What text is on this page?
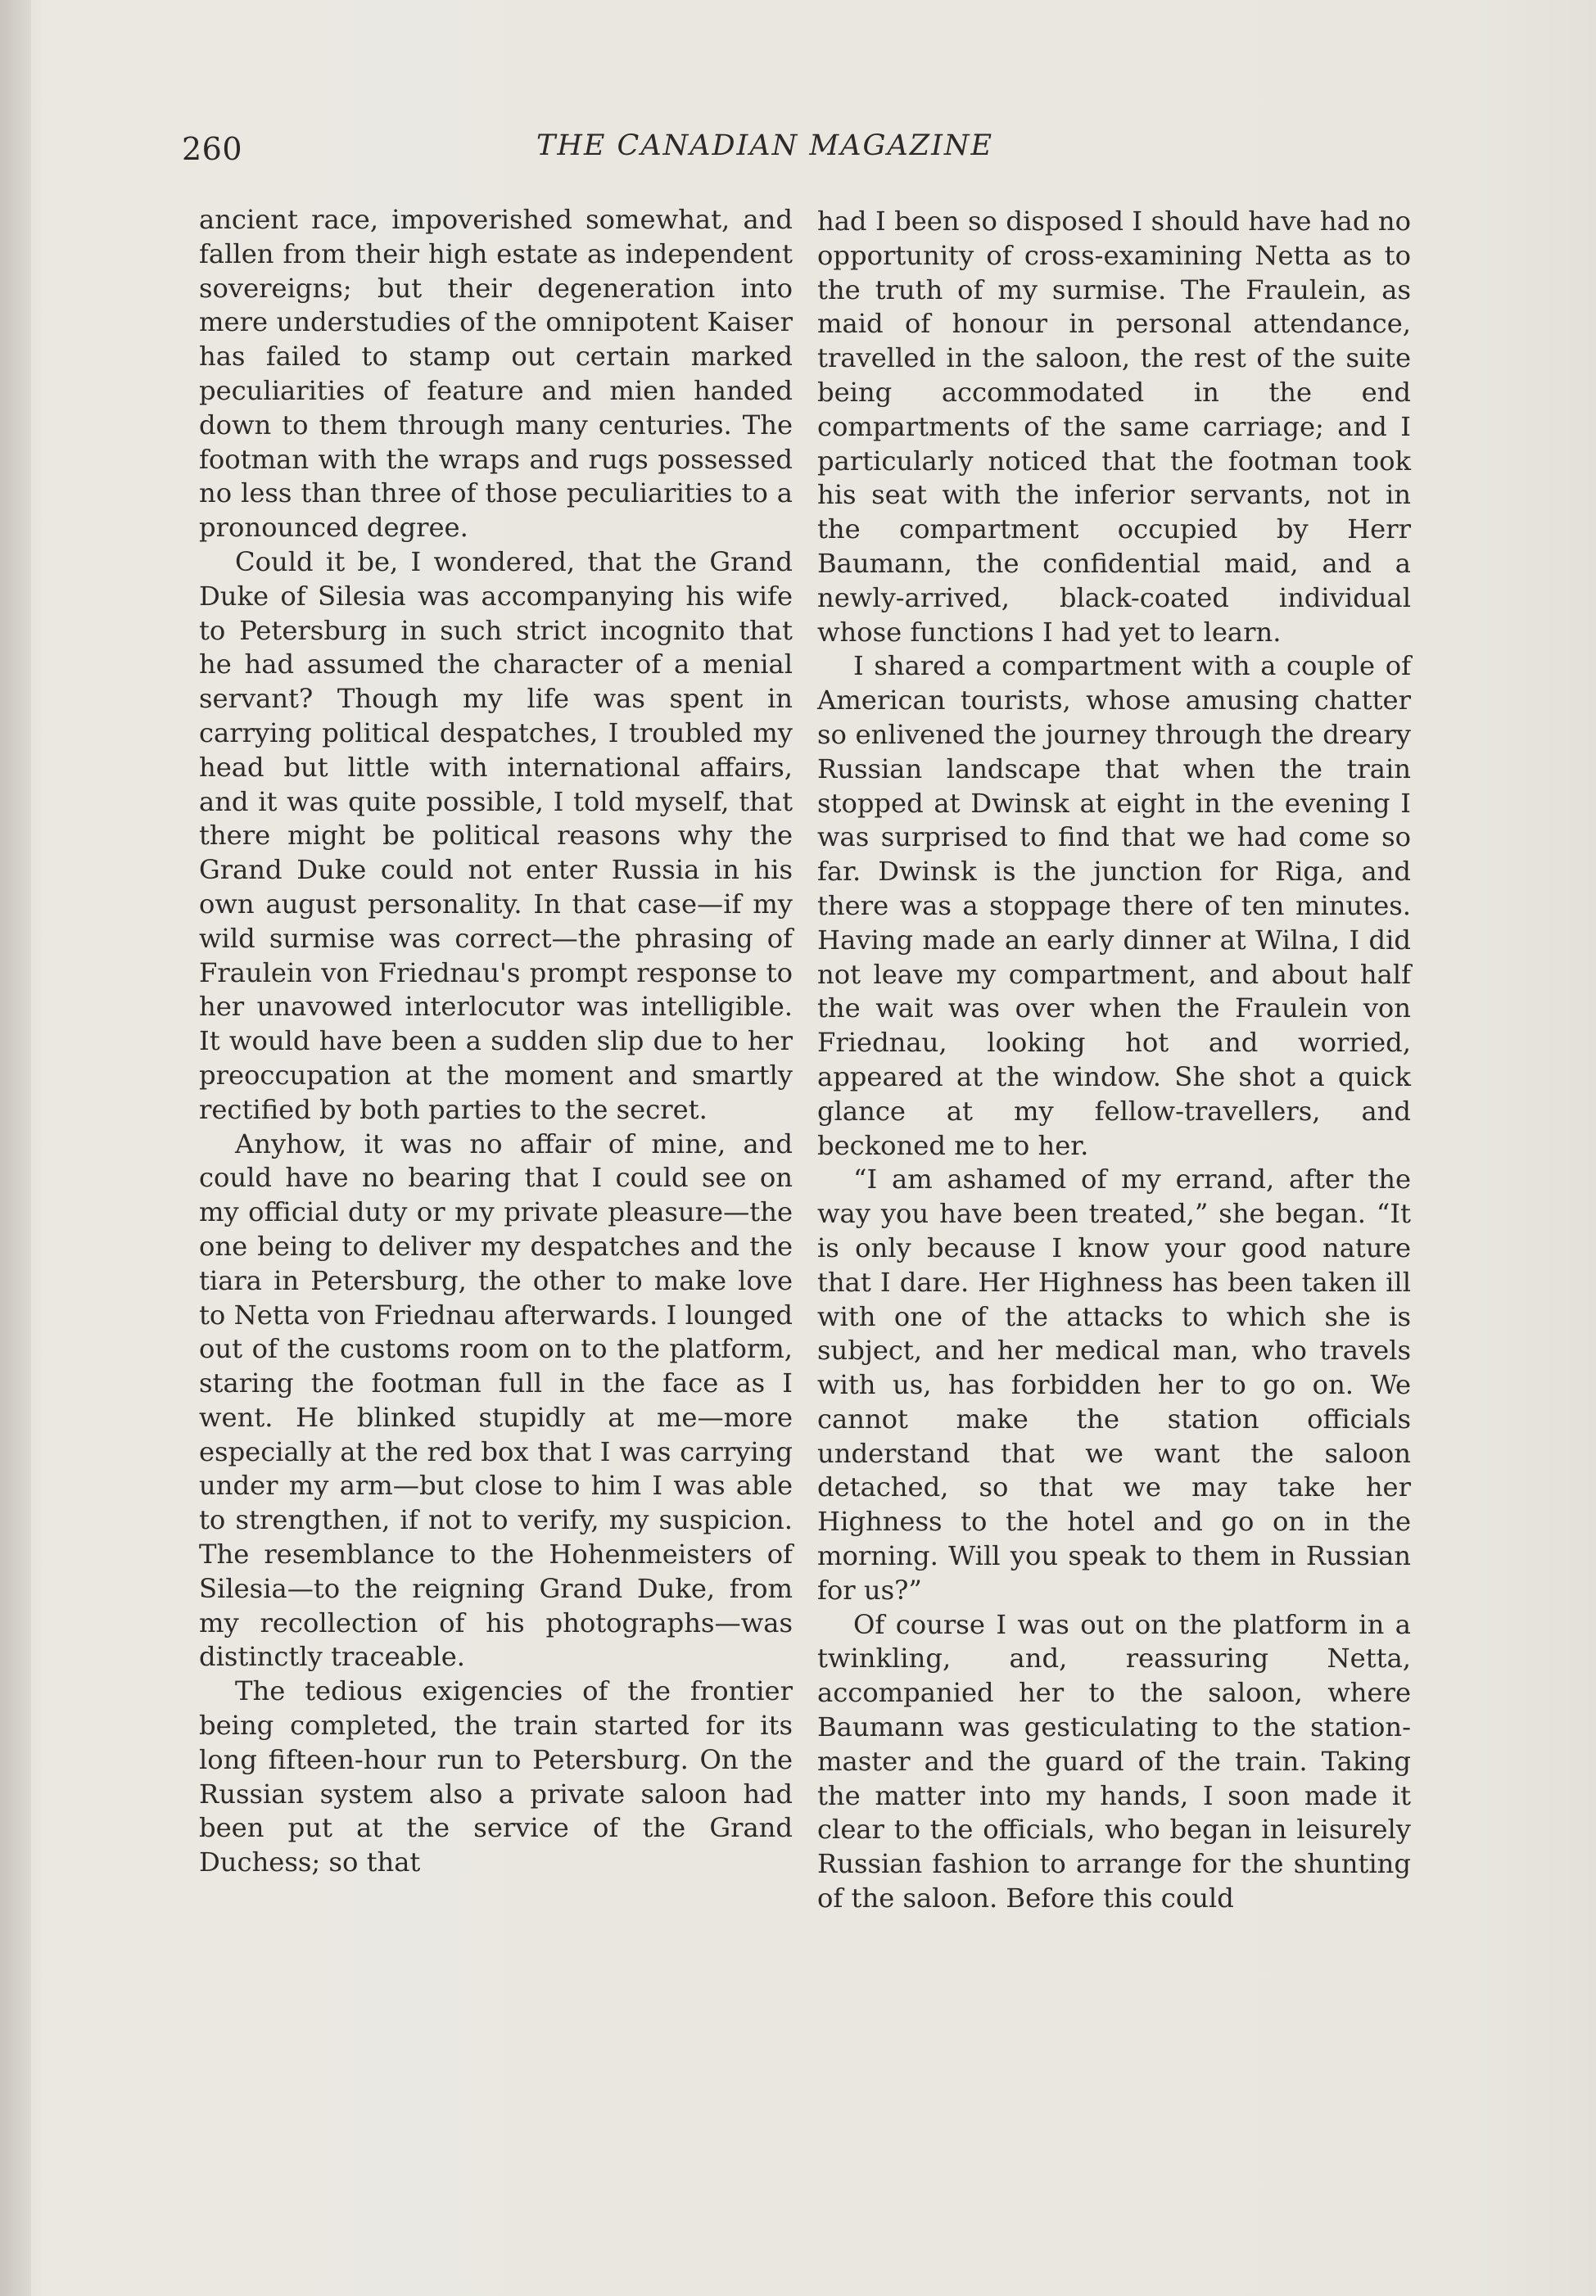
260	THE CANADIAN MAGAZINE

ancient race, impoverished somewhat, and fallen from their high estate as independent sovereigns; but their degeneration into mere understudies of the omnipotent Kaiser has failed to stamp out certain marked peculiarities of feature and mien handed down to them through many centuries. The footman with the wraps and rugs possessed no less than three of those peculiarities to a pronounced degree.

Could it be, I wondered, that the Grand Duke of Silesia was accompanying his wife to Petersburg in such strict incognito that he had assumed the character of a menial servant? Though my life was spent in carrying political despatches, I troubled my head but little with international affairs, and it was quite possible, I told myself, that there might be political reasons why the Grand Duke could not enter Russia in his own august personality. In that case—if my wild surmise was correct—the phrasing of Fraulein von Friednau's prompt response to her unavowed interlocutor was intelligible. It would have been a sudden slip due to her preoccupation at the moment and smartly rectified by both parties to the secret.

Anyhow, it was no affair of mine, and could have no bearing that I could see on my official duty or my private pleasure—the one being to deliver my despatches and the tiara in Petersburg, the other to make love to Netta von Friednau afterwards. I lounged out of the customs room on to the platform, staring the footman full in the face as I went. He blinked stupidly at me—more especially at the red box that I was carrying under my arm—but close to him I was able to strengthen, if not to verify, my suspicion. The resemblance to the Hohenmeisters of Silesia—to the reigning Grand Duke, from my recollection of his photographs—was distinctly traceable.

The tedious exigencies of the frontier being completed, the train started for its long fifteen-hour run to Petersburg. On the Russian system also a private saloon had been put at the service of the Grand Duchess; so that

had I been so disposed I should have had no opportunity of cross-examining Netta as to the truth of my surmise. The Fraulein, as maid of honour in personal attendance, travelled in the saloon, the rest of the suite being accommodated in the end compartments of the same carriage; and I particularly noticed that the footman took his seat with the inferior servants, not in the compartment occupied by Herr Baumann, the confidential maid, and a newly-arrived, black-coated individual whose functions I had yet to learn.

I shared a compartment with a couple of American tourists, whose amusing chatter so enlivened the journey through the dreary Russian landscape that when the train stopped at Dwinsk at eight in the evening I was surprised to find that we had come so far. Dwinsk is the junction for Riga, and there was a stoppage there of ten minutes. Having made an early dinner at Wilna, I did not leave my compartment, and about half the wait was over when the Fraulein von Friednau, looking hot and worried, appeared at the window. She shot a quick glance at my fellow-travellers, and beckoned me to her.

“I am ashamed of my errand, after the way you have been treated,” she began. “It is only because I know your good nature that I dare. Her Highness has been taken ill with one of the attacks to which she is subject, and her medical man, who travels with us, has forbidden her to go on. We cannot make the station officials understand that we want the saloon detached, so that we may take her Highness to the hotel and go on in the morning. Will you speak to them in Russian for us?”

Of course I was out on the platform in a twinkling, and, reassuring Netta, accompanied her to the saloon, where Baumann was gesticulating to the station-master and the guard of the train. Taking the matter into my hands, I soon made it clear to the officials, who began in leisurely Russian fashion to arrange for the shunting of the saloon. Before this could
